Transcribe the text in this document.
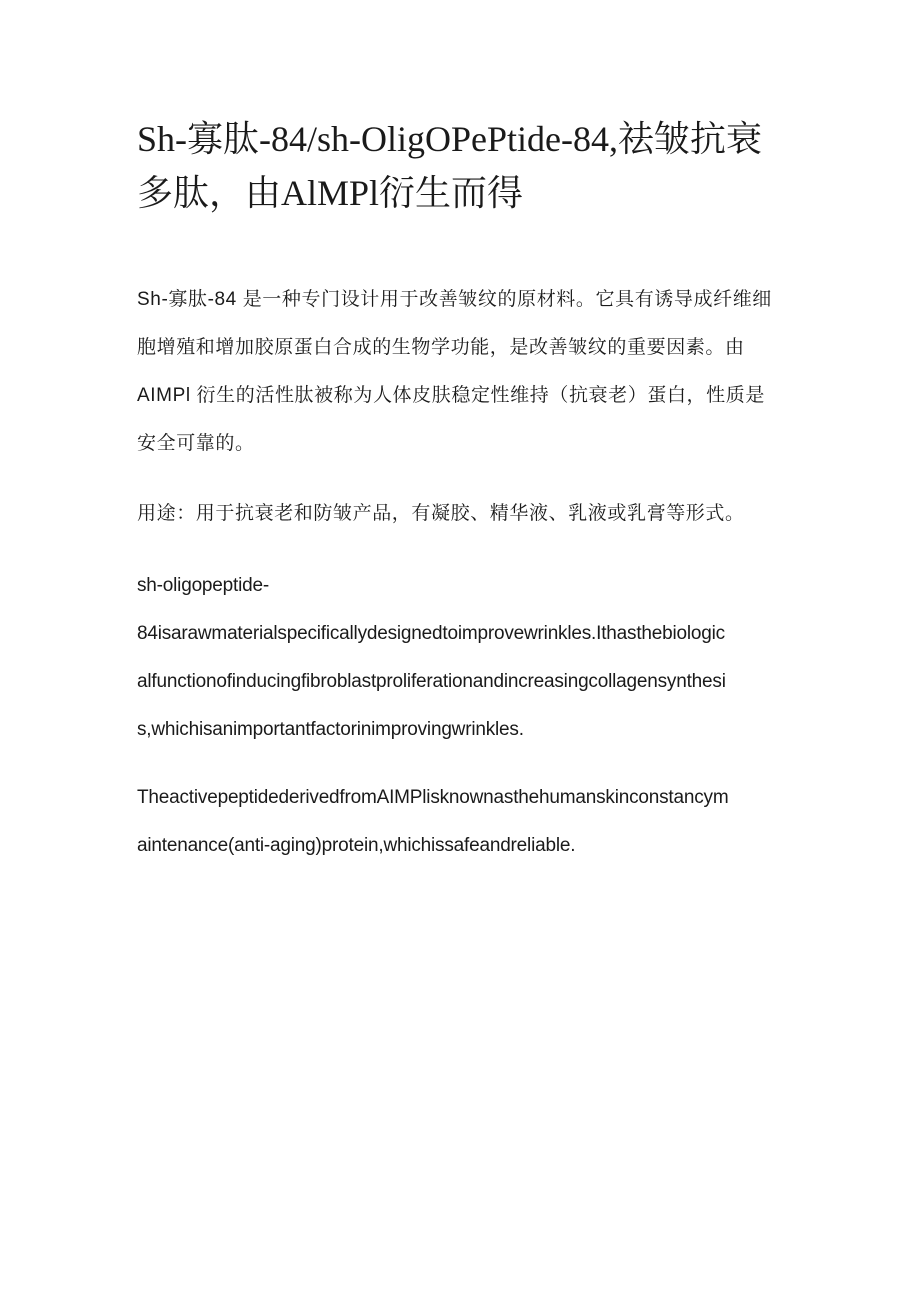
Sh-寡肽-84/sh-OligOPePtide-84,祛皱抗衰
多肽，由AlMPl衍生而得

Sh-寡肽-84 是一种专门设计用于改善皱纹的原材料。它具有诱导成纤维细
胞增殖和增加胶原蛋白合成的生物学功能，是改善皱纹的重要因素。由
AIMPl 衍生的活性肽被称为人体皮肤稳定性维持（抗衰老）蛋白，性质是
安全可靠的。

用途：用于抗衰老和防皱产品，有凝胶、精华液、乳液或乳膏等形式。

sh-oligopeptide-
84isarawmaterialspecificallydesignedtoimprovewrinkles.Ithasthebiologic
alfunctionofinducingfibroblastproliferationandincreasingcollagensynthesi
s,whichisanimportantfactorinimprovingwrinkles.

TheactivepeptidederivedfromAIMPlisknownasthehumanskinconstancym
aintenance(anti-aging)protein,whichissafeandreliable.
